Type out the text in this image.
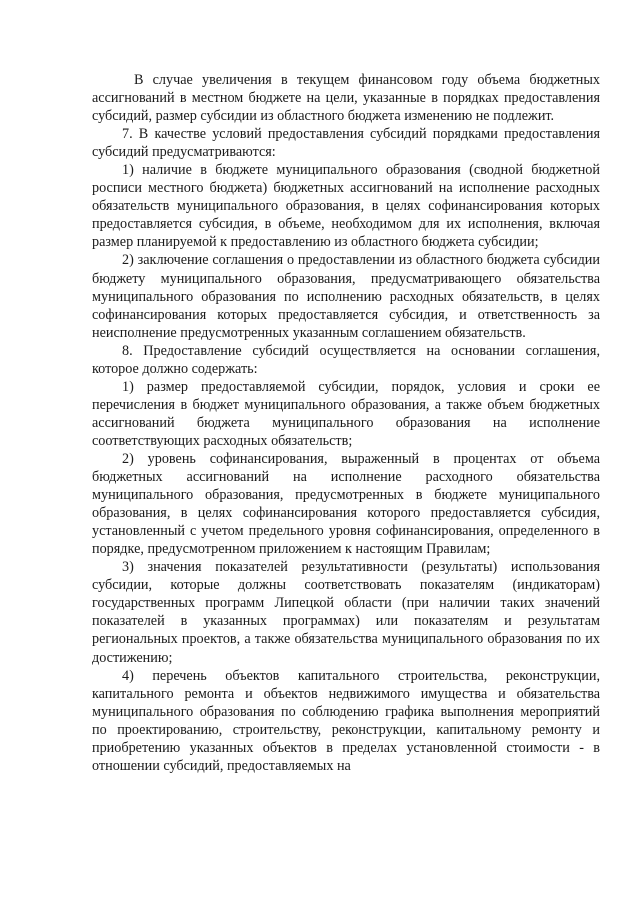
В случае увеличения в текущем финансовом году объема бюджетных ассигнований в местном бюджете на цели, указанные в порядках предоставления субсидий, размер субсидии из областного бюджета изменению не подлежит.

7. В качестве условий предоставления субсидий порядками предоставления субсидий предусматриваются:

1) наличие в бюджете муниципального образования (сводной бюджетной росписи местного бюджета) бюджетных ассигнований на исполнение расходных обязательств муниципального образования, в целях софинансирования которых предоставляется субсидия, в объеме, необходимом для их исполнения, включая размер планируемой к предоставлению из областного бюджета субсидии;

2) заключение соглашения о предоставлении из областного бюджета субсидии бюджету муниципального образования, предусматривающего обязательства муниципального образования по исполнению расходных обязательств, в целях софинансирования которых предоставляется субсидия, и ответственность за неисполнение предусмотренных указанным соглашением обязательств.

8. Предоставление субсидий осуществляется на основании соглашения, которое должно содержать:

1) размер предоставляемой субсидии, порядок, условия и сроки ее перечисления в бюджет муниципального образования, а также объем бюджетных ассигнований бюджета муниципального образования на исполнение соответствующих расходных обязательств;

2) уровень софинансирования, выраженный в процентах от объема бюджетных ассигнований на исполнение расходного обязательства муниципального образования, предусмотренных в бюджете муниципального образования, в целях софинансирования которого предоставляется субсидия, установленный с учетом предельного уровня софинансирования, определенного в порядке, предусмотренном приложением к настоящим Правилам;

3) значения показателей результативности (результаты) использования субсидии, которые должны соответствовать показателям (индикаторам) государственных программ Липецкой области (при наличии таких значений показателей в указанных программах) или показателям и результатам региональных проектов, а также обязательства муниципального образования по их достижению;

4) перечень объектов капитального строительства, реконструкции, капитального ремонта и объектов недвижимого имущества и обязательства муниципального образования по соблюдению графика выполнения мероприятий по проектированию, строительству, реконструкции, капитальному ремонту и приобретению указанных объектов в пределах установленной стоимости - в отношении субсидий, предоставляемых на
